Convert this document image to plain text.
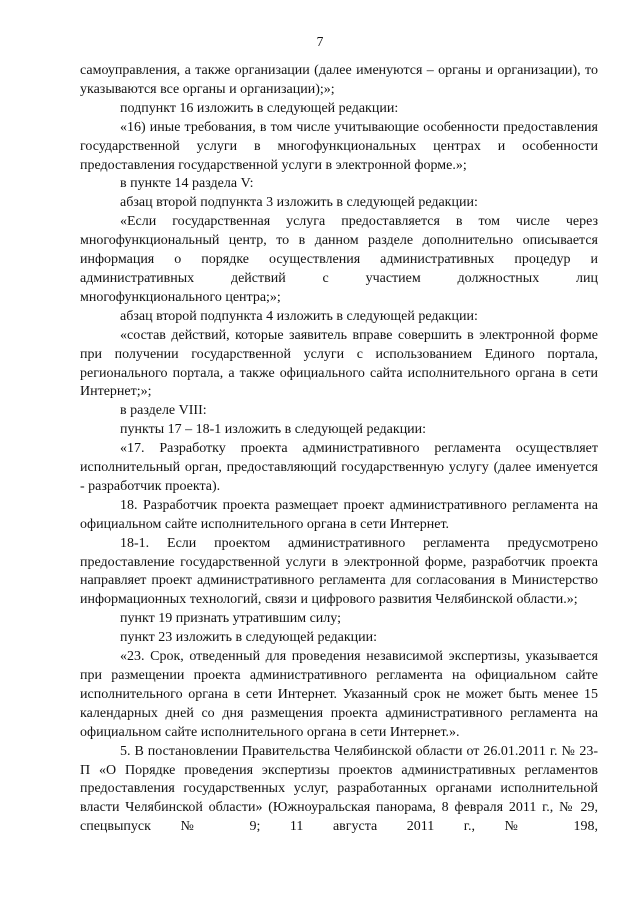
7

самоуправления, а также организации (далее именуются – органы и организации), то указываются все органы и организации);»;

подпункт 16 изложить в следующей редакции:

«16) иные требования, в том числе учитывающие особенности предоставления государственной услуги в многофункциональных центрах и особенности предоставления государственной услуги в электронной форме.»;

в пункте 14 раздела V:

абзац второй подпункта 3 изложить в следующей редакции:

«Если государственная услуга предоставляется в том числе через многофункциональный центр, то в данном разделе дополнительно описывается информация о порядке осуществления административных процедур и административных действий с участием должностных лиц

многофункционального центра;»;

абзац второй подпункта 4 изложить в следующей редакции:

«состав действий, которые заявитель вправе совершить в электронной форме при получении государственной услуги с использованием Единого портала, регионального портала, а также официального сайта исполнительного органа в сети Интернет;»;

в разделе VIII:

пункты 17 – 18-1 изложить в следующей редакции:

«17. Разработку проекта административного регламента осуществляет исполнительный орган, предоставляющий государственную услугу (далее именуется - разработчик проекта).

18. Разработчик проекта размещает проект административного регламента на официальном сайте исполнительного органа в сети Интернет.

18-1. Если проектом административного регламента предусмотрено предоставление государственной услуги в электронной форме, разработчик проекта направляет проект административного регламента для согласования в Министерство информационных технологий, связи и цифрового развития Челябинской области.»;

пункт 19 признать утратившим силу;

пункт 23 изложить в следующей редакции:

«23. Срок, отведенный для проведения независимой экспертизы, указывается при размещении проекта административного регламента на официальном сайте исполнительного органа в сети Интернет. Указанный срок не может быть менее 15 календарных дней со дня размещения проекта административного регламента на официальном сайте исполнительного органа в сети Интернет.».

5. В постановлении Правительства Челябинской области от 26.01.2011 г. № 23-П «О Порядке проведения экспертизы проектов административных регламентов предоставления государственных услуг, разработанных органами исполнительной власти Челябинской области» (Южноуральская панорама, 8 февраля 2011 г., № 29, спецвыпуск № 9; 11 августа 2011 г., № 198,
